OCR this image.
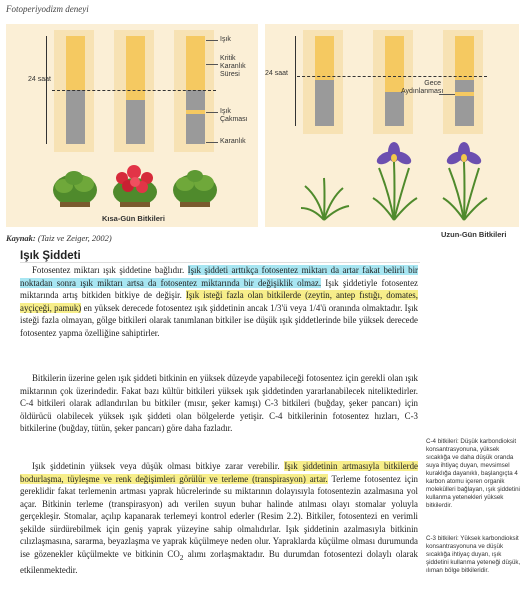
Fotoperiyodizm deneyi
24 saat
Işık
Kritik
Karanlık
Süresi
Işık Çakması
Karanlık
Kısa-Gün Bitkileri
24 saat
Gece
Aydınlanması
Uzun-Gün Bitkileri
Kaynak: (Taiz ve Zeiger, 2002)
Işık Şiddeti

Fotosentez miktarı ışık şiddetine bağlıdır. Işık şiddeti arttıkça fotosentez miktarı da artar fakat belirli bir noktadan sonra ışık miktarı artsa da fotosentez miktarında bir değişiklik olmaz. Işık şiddetiyle fotosentez miktarında artış bitkiden bitkiye de değişir. Işık isteği fazla olan bitkilerde (zeytin, antep fıstığı, domates, ayçiçeği, pamuk) en yüksek derecede fotosentez ışık şiddetinin ancak 1/3'ü veya 1/4'ü oranında olmaktadır. Işık isteği fazla olmayan, gölge bitkileri olarak tanımlanan bitkiler ise düşük ışık şiddetlerinde bile yüksek derecede fotosentez yapma özelliğine sahiptirler.

Bitkilerin üzerine gelen ışık şiddeti bitkinin en yüksek düzeyde yapabileceği fotosentez için gerekli olan ışık miktarının çok üzerindedir. Fakat bazı kültür bitkileri yüksek ışık şiddetinden yararlanabilecek niteliktedirler. C-4 bitkileri olarak adlandırılan bu bitkiler (mısır, şeker kamışı) C-3 bitkileri (buğday, şeker pancarı) için öldürücü olabilecek yüksek ışık şiddeti olan bölgelerde yetişir. C-4 bitkilerinin fotosentez hızları, C-3 bitkilerine (buğday, tütün, şeker pancarı) göre daha fazladır.

Işık şiddetinin yüksek veya düşük olması bitkiye zarar verebilir. Işık şiddetinin artmasıyla bitkilerde bodurlaşma, tüyleşme ve renk değişimleri görülür ve terleme (transpirasyon) artar. Terleme fotosentez için gereklidir fakat terlemenin artması yaprak hücrelerinde su miktarının dolayısıyla fotosentezin azalmasına yol açar. Bitkinin terleme (transpirasyon) adı verilen suyun buhar halinde atılması olayı stomalar yoluyla gerçekleşir. Stomalar, açılıp kapanarak terlemeyi kontrol ederler (Resim 2.2). Bitkiler, fotosentezi en verimli şekilde sürdürebilmek için geniş yaprak yüzeyine sahip olmalıdırlar. Işık şiddetinin azalmasıyla bitkinin cılızlaşmasına, sararma, beyazlaşma ve yaprak küçülmeye neden olur. Yapraklarda küçülme olması durumunda ise gözenekler küçülmekte ve bitkinin $CO_2$ alımı zorlaşmaktadır. Bu durumdan fotosentezi dolaylı olarak etkilenmektedir.

C-4 bitkileri: Düşük karbondioksit konsantrasyonuna, yüksek sıcaklığa ve daha düşük oranda suya ihtiyaç duyan, mevsimsel kuraklığa dayanıklı, başlangıçta 4 karbon atomu içeren organik molekülleri bağlayan, ışık şiddetini kullanma yetenekleri yüksek bitkilerdir.
C-3 bitkileri: Yüksek karbondioksit konsantrasyonuna ve düşük sıcaklığa ihtiyaç duyan, ışık şiddetini kullanma yeteneği düşük, ılıman bölge bitkileridir.
